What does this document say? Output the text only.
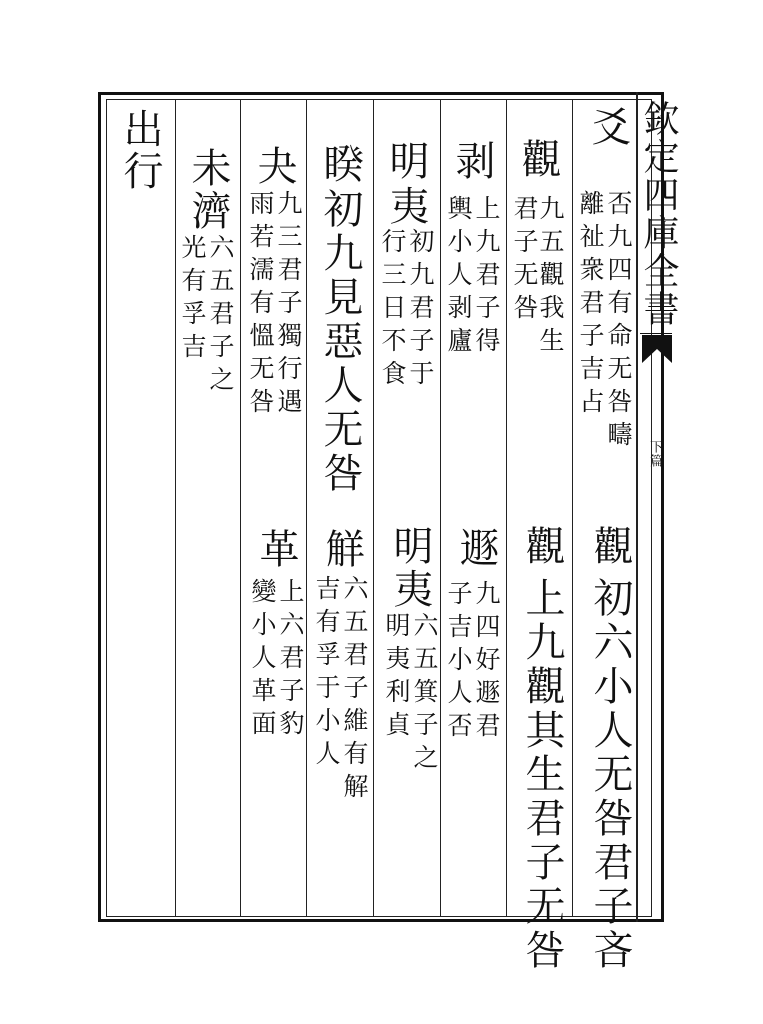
欽定四庫全書
下篇
爻
否九四有命无咎疇
離祉衆君子吉占
觀
初六小人无咎君子吝
觀
九五觀我生
君子无咎
觀
上九觀其生君子无咎
剥
上九君子得
輿小人剥廬
遯
九四好遯君
子吉小人否
明
夷
初九君子于
行三日不食
明
夷
六五箕子之
明夷利貞
睽
初九見惡人无咎
觧
六五君子維有解
吉有孚于小人
夬
九三君子獨行遇
雨若濡有慍无咎
革
上六君子豹
變小人革面
未
濟
六五君子之
光有孚吉
出行
